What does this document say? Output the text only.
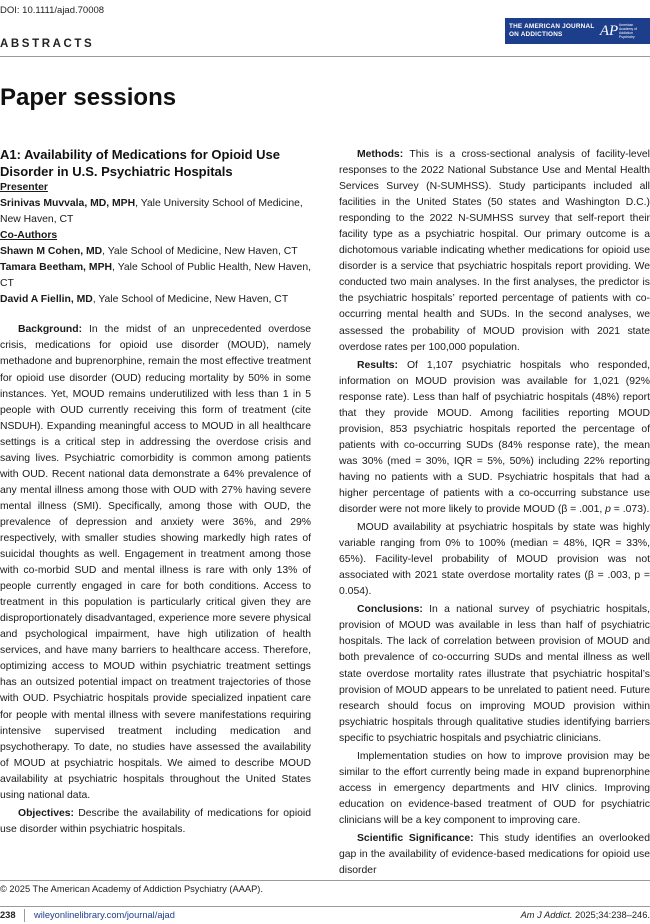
DOI: 10.1111/ajad.70008
ABSTRACTS
THE AMERICAN JOURNAL
ON ADDICTIONS	AP American Academy of Addiction Psychiatry
Paper sessions

A1: Availability of Medications for Opioid Use Disorder in U.S. Psychiatric Hospitals

Presenter

Srinivas Muvvala, MD, MPH, Yale University School of Medicine, New Haven, CT

Co-Authors

Shawn M Cohen, MD, Yale School of Medicine, New Haven, CT

Tamara Beetham, MPH, Yale School of Public Health, New Haven, CT

David A Fiellin, MD, Yale School of Medicine, New Haven, CT

Background: In the midst of an unprecedented overdose crisis, medications for opioid use disorder (MOUD), namely methadone and buprenorphine, remain the most effective treatment for opioid use disorder (OUD) reducing mortality by 50% in some instances. Yet, MOUD remains underutilized with less than 1 in 5 people with OUD currently receiving this form of treatment (cite NSDUH). Expanding meaningful access to MOUD in all healthcare settings is a critical step in addressing the overdose crisis and saving lives. Psychiatric comorbidity is common among patients with OUD. Recent national data demonstrate a 64% prevalence of any mental illness among those with OUD with 27% having severe mental illness (SMI). Specifically, among those with OUD, the prevalence of depression and anxiety were 36%, and 29% respectively, with smaller studies showing markedly high rates of suicidal thoughts as well. Engagement in treatment among those with co-morbid SUD and mental illness is rare with only 13% of people currently engaged in care for both conditions. Access to treatment in this population is particularly critical given they are disproportionately disadvantaged, experience more severe physical and psychological impairment, have high utilization of health services, and have many barriers to healthcare access. Therefore, optimizing access to MOUD within psychiatric treatment settings has an outsized potential impact on treatment trajectories of those with OUD. Psychiatric hospitals provide specialized inpatient care for people with mental illness with severe manifestations requiring intensive supervised treatment including medication and psychotherapy. To date, no studies have assessed the availability of MOUD at psychiatric hospitals. We aimed to describe MOUD availability at psychiatric hospitals throughout the United States using national data.

Objectives: Describe the availability of medications for opioid use disorder within psychiatric hospitals.

Methods: This is a cross-sectional analysis of facility-level responses to the 2022 National Substance Use and Mental Health Services Survey (N-SUMHSS). Study participants included all facilities in the United States (50 states and Washington D.C.) responding to the 2022 N-SUMHSS survey that self-report their facility type as a psychiatric hospital. Our primary outcome is a dichotomous variable indicating whether medications for opioid use disorder is a service that psychiatric hospitals report providing. We conducted two main analyses. In the first analyses, the predictor is the psychiatric hospitals’ reported percentage of patients with co-occurring mental health and SUDs. In the second analyses, we assessed the probability of MOUD provision with 2021 state overdose rates per 100,000 population.

Results: Of 1,107 psychiatric hospitals who responded, information on MOUD provision was available for 1,021 (92% response rate). Less than half of psychiatric hospitals (48%) report that they provide MOUD. Among facilities reporting MOUD provision, 853 psychiatric hospitals reported the percentage of patients with co-occurring SUDs (84% response rate), the mean was 30% (med = 30%, IQR = 5%, 50%) including 22% reporting having no patients with a SUD. Psychiatric hospitals that had a higher percentage of patients with a co-occurring substance use disorder were not more likely to provide MOUD (β = .001, p = .073).

MOUD availability at psychiatric hospitals by state was highly variable ranging from 0% to 100% (median = 48%, IQR = 33%, 65%). Facility-level probability of MOUD provision was not associated with 2021 state overdose mortality rates (β = .003, p = 0.054).

Conclusions: In a national survey of psychiatric hospitals, provision of MOUD was available in less than half of psychiatric hospitals. The lack of correlation between provision of MOUD and both prevalence of co-occurring SUDs and mental illness as well state overdose mortality rates illustrate that psychiatric hospital’s provision of MOUD appears to be unrelated to patient need. Future research should focus on improving MOUD provision within psychiatric hospitals through qualitative studies identifying barriers specific to psychiatric hospitals and psychiatric clinicians.

Implementation studies on how to improve provision may be similar to the effort currently being made in expand buprenorphine access in emergency departments and HIV clinics. Improving education on evidence-based treatment of OUD for psychiatric clinicians will be a key component to improving care.

Scientific Significance: This study identifies an overlooked gap in the availability of evidence-based medications for opioid use disorder

© 2025 The American Academy of Addiction Psychiatry (AAAP).
238 wileyonlinelibrary.com/journal/ajad	Am J Addict. 2025;34:238–246.
